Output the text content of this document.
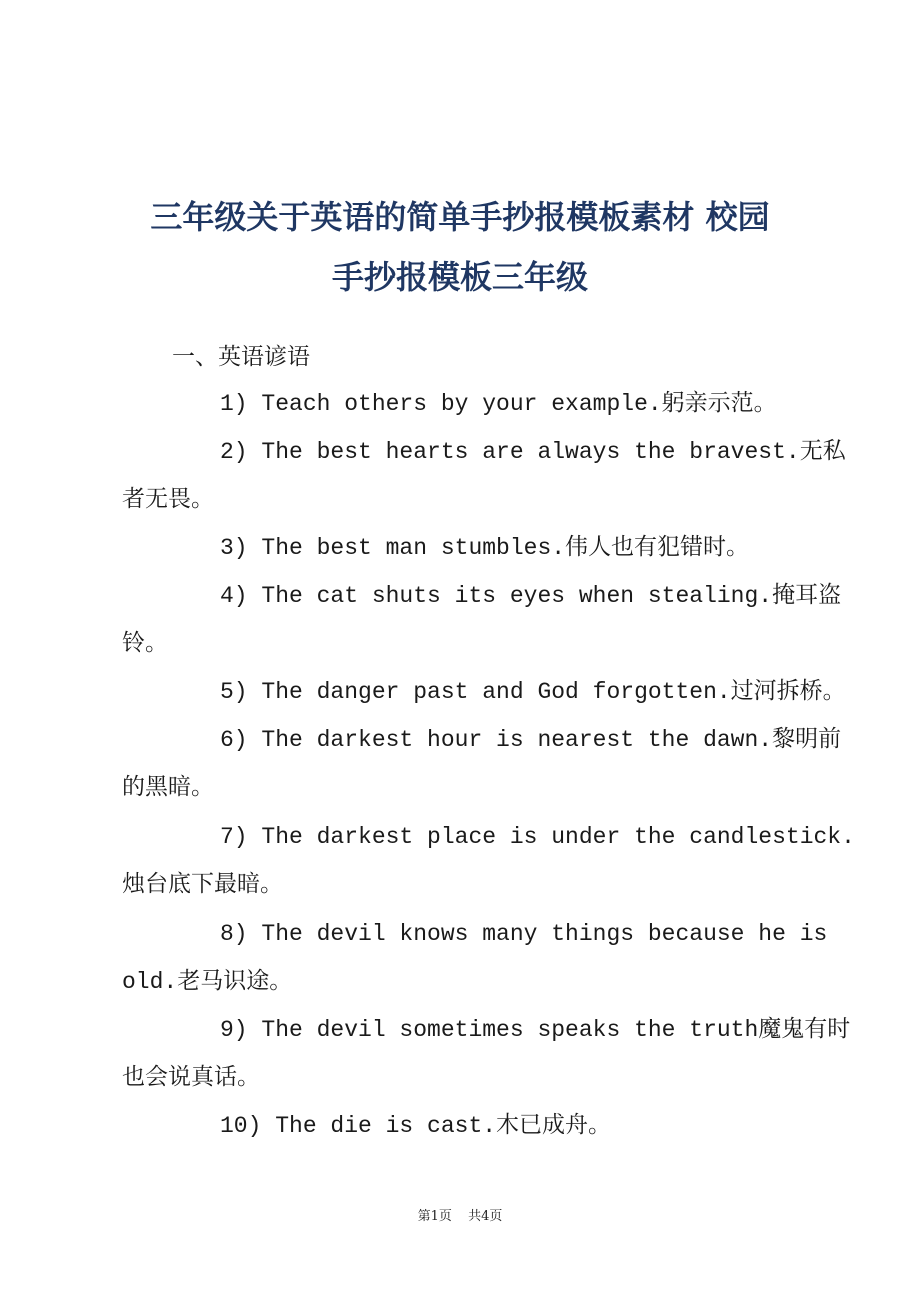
三年级关于英语的简单手抄报模板素材 校园
手抄报模板三年级
一、英语谚语

1) Teach others by your example.躬亲示范。

2) The best hearts are always the bravest.无私
者无畏。

3) The best man stumbles.伟人也有犯错时。

4) The cat shuts its eyes when stealing.掩耳盗
铃。

5) The danger past and God forgotten.过河拆桥。

6) The darkest hour is nearest the dawn.黎明前
的黑暗。

7) The darkest place is under the candlestick.
烛台底下最暗。

8) The devil knows many things because he is
old.老马识途。

9) The devil sometimes speaks the truth魔鬼有时
也会说真话。

10) The die is cast.木已成舟。

第1页 共4页
